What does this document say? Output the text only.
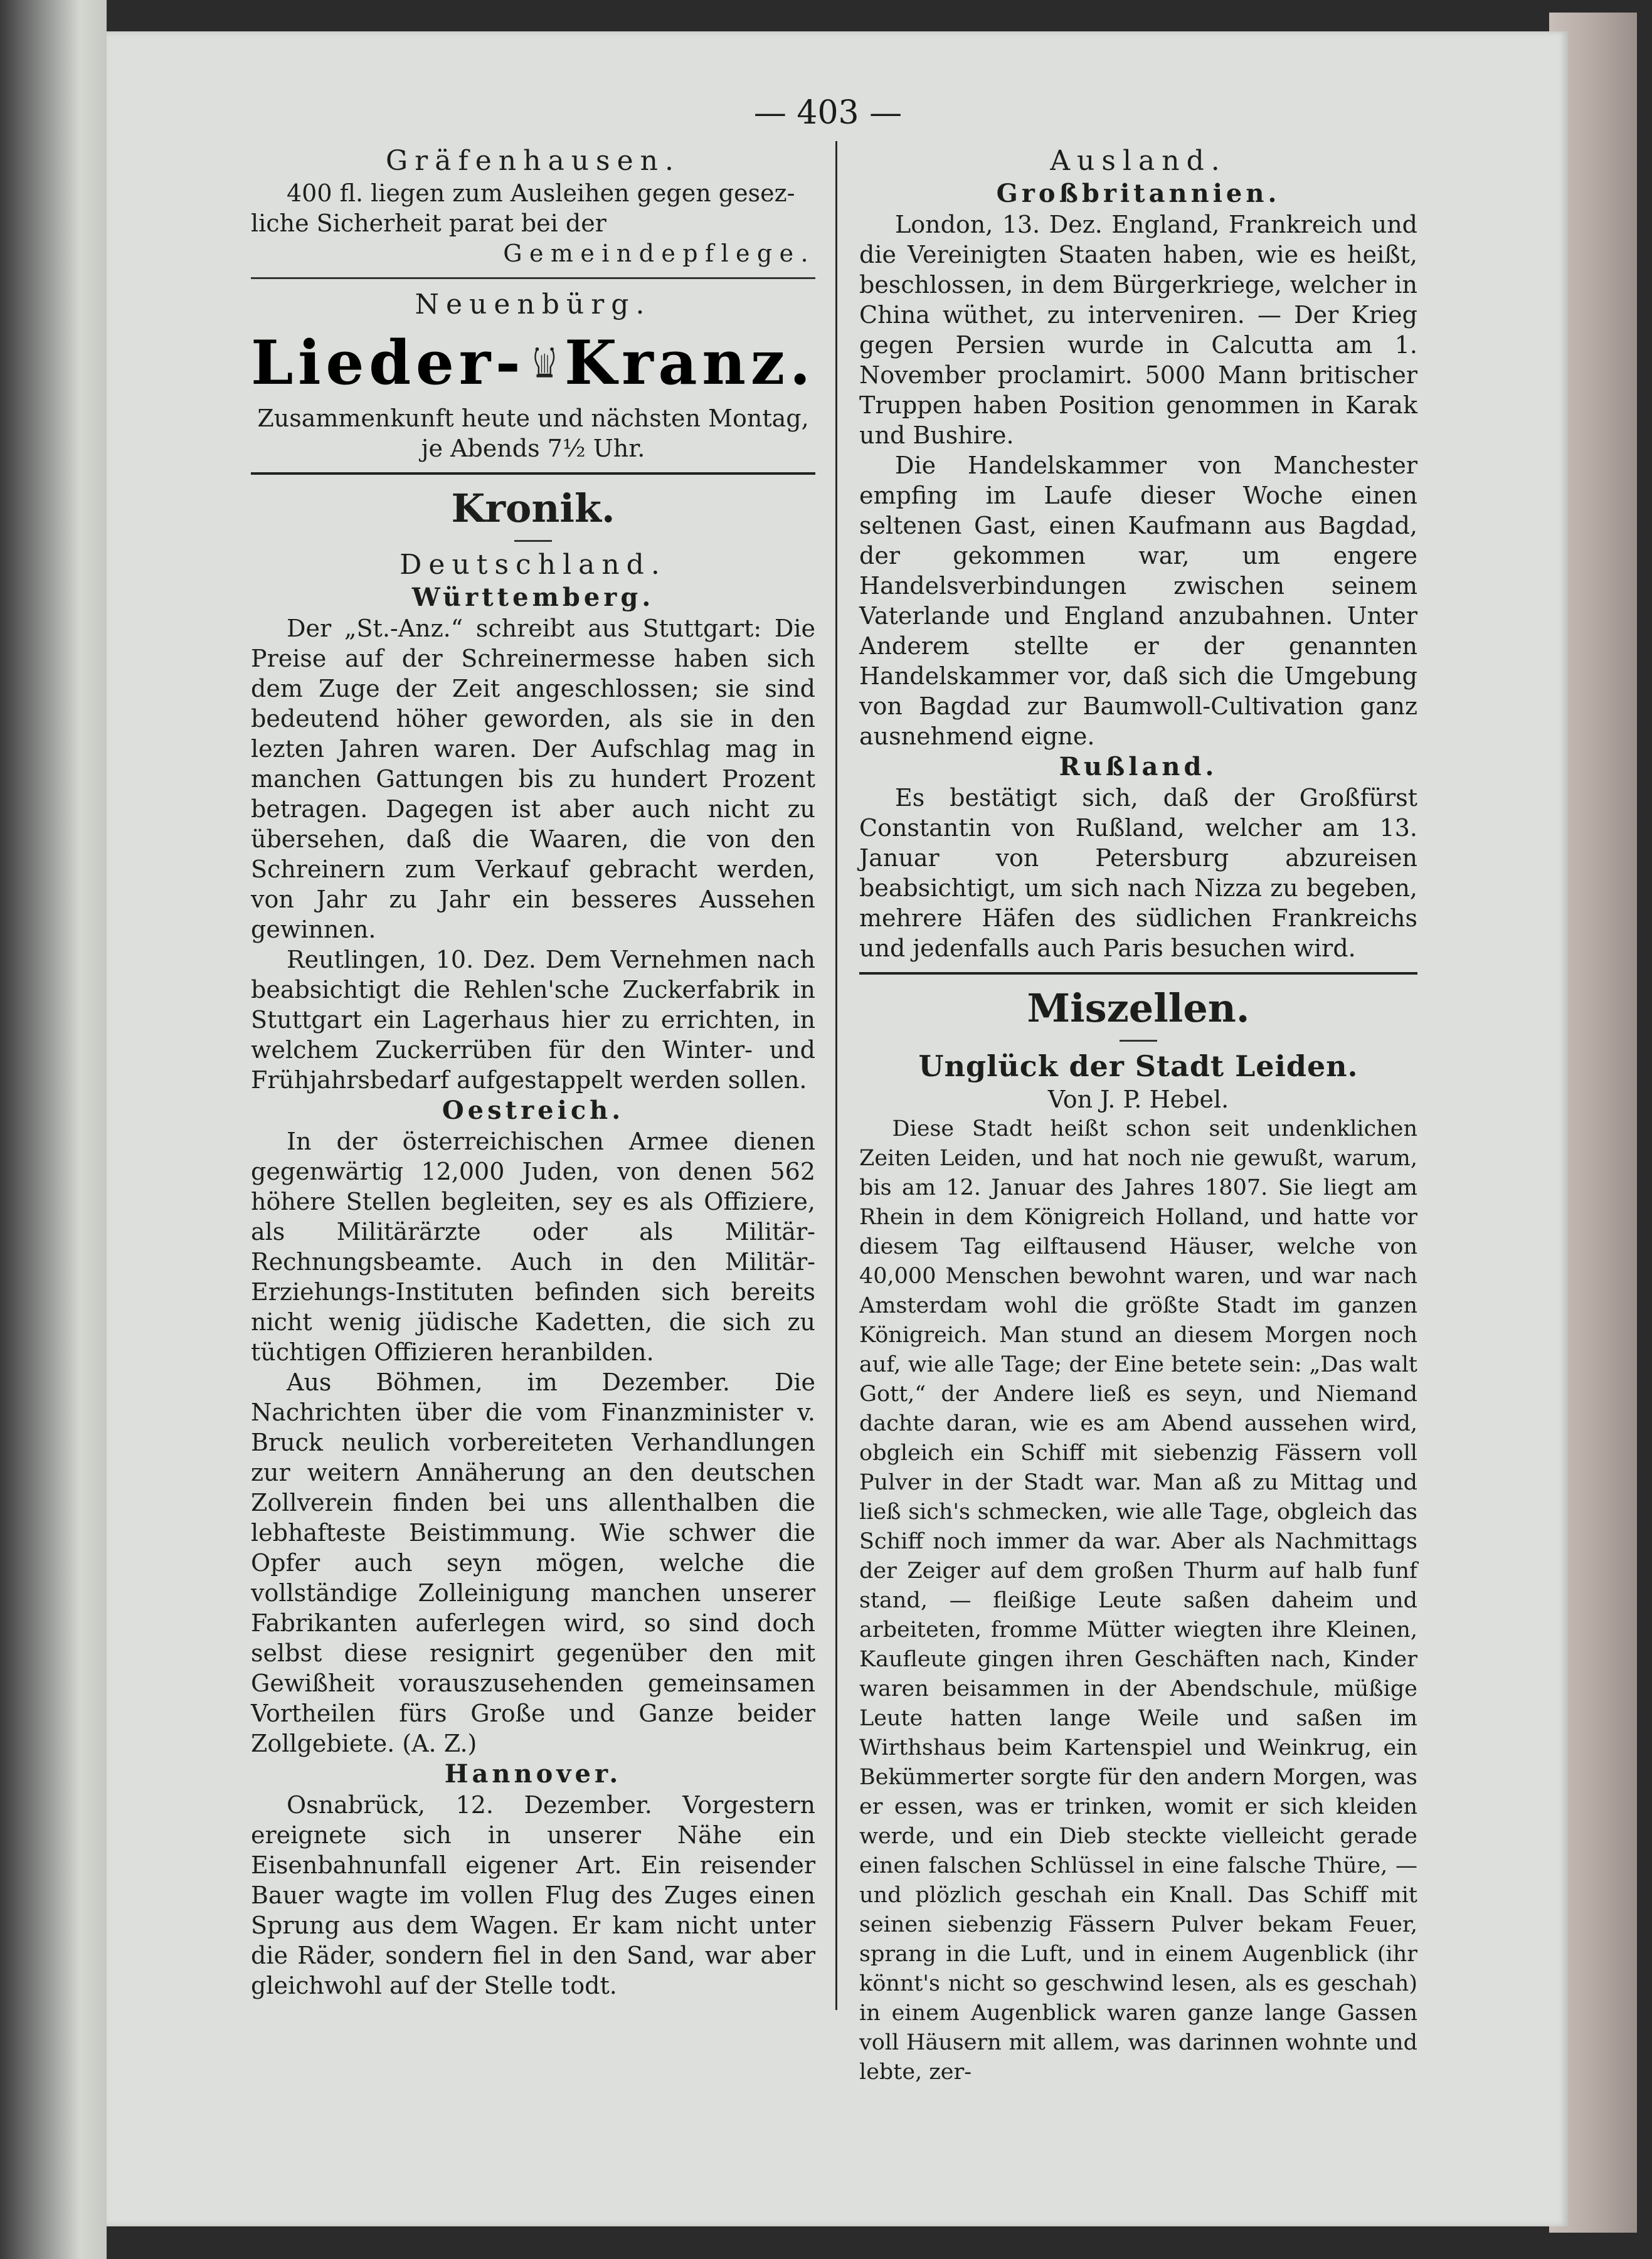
— 403 —

Gräfenhausen.

400 fl. liegen zum Ausleihen gegen gesez-

liche Sicherheit parat bei der

Gemeindepflege.

Neuenbürg.

Lieder- Kranz.

Zusammenkunft heute und nächsten Montag,

je Abends 7½ Uhr.

Kronik.

Deutschland.

Württemberg.

Der „St.-Anz.“ schreibt aus Stuttgart: Die Preise auf der Schreinermesse haben sich dem Zuge der Zeit angeschlossen; sie sind bedeutend höher geworden, als sie in den lezten Jahren waren. Der Aufschlag mag in manchen Gattungen bis zu hundert Prozent betragen. Dagegen ist aber auch nicht zu übersehen, daß die Waaren, die von den Schreinern zum Verkauf gebracht werden, von Jahr zu Jahr ein besseres Aussehen gewinnen.

Reutlingen, 10. Dez. Dem Vernehmen nach beabsichtigt die Rehlen'sche Zuckerfabrik in Stuttgart ein Lagerhaus hier zu errichten, in welchem Zuckerrüben für den Winter- und Frühjahrsbedarf aufgestappelt werden sollen.

Oestreich.

In der österreichischen Armee dienen gegenwärtig 12,000 Juden, von denen 562 höhere Stellen begleiten, sey es als Offiziere, als Militärärzte oder als Militär-Rechnungsbeamte. Auch in den Militär-Erziehungs-Instituten befinden sich bereits nicht wenig jüdische Kadetten, die sich zu tüchtigen Offizieren heranbilden.

Aus Böhmen, im Dezember. Die Nachrichten über die vom Finanzminister v. Bruck neulich vorbereiteten Verhandlungen zur weitern Annäherung an den deutschen Zollverein finden bei uns allenthalben die lebhafteste Beistimmung. Wie schwer die Opfer auch seyn mögen, welche die vollständige Zolleinigung manchen unserer Fabrikanten auferlegen wird, so sind doch selbst diese resignirt gegenüber den mit Gewißheit vorauszusehenden gemeinsamen Vortheilen fürs Große und Ganze beider Zollgebiete. (A. Z.)

Hannover.

Osnabrück, 12. Dezember. Vorgestern ereignete sich in unserer Nähe ein Eisenbahnunfall eigener Art. Ein reisender Bauer wagte im vollen Flug des Zuges einen Sprung aus dem Wagen. Er kam nicht unter die Räder, sondern fiel in den Sand, war aber gleichwohl auf der Stelle todt.

Ausland.

Großbritannien.

London, 13. Dez. England, Frankreich und die Vereinigten Staaten haben, wie es heißt, beschlossen, in dem Bürgerkriege, welcher in China wüthet, zu interveniren. — Der Krieg gegen Persien wurde in Calcutta am 1. November proclamirt. 5000 Mann britischer Truppen haben Position genommen in Karak und Bushire.

Die Handelskammer von Manchester empfing im Laufe dieser Woche einen seltenen Gast, einen Kaufmann aus Bagdad, der gekommen war, um engere Handelsverbindungen zwischen seinem Vaterlande und England anzubahnen. Unter Anderem stellte er der genannten Handelskammer vor, daß sich die Umgebung von Bagdad zur Baumwoll-Cultivation ganz ausnehmend eigne.

Rußland.

Es bestätigt sich, daß der Großfürst Constantin von Rußland, welcher am 13. Januar von Petersburg abzureisen beabsichtigt, um sich nach Nizza zu begeben, mehrere Häfen des südlichen Frankreichs und jedenfalls auch Paris besuchen wird.

Miszellen.

Unglück der Stadt Leiden.

Von J. P. Hebel.

Diese Stadt heißt schon seit undenklichen Zeiten Leiden, und hat noch nie gewußt, warum, bis am 12. Januar des Jahres 1807. Sie liegt am Rhein in dem Königreich Holland, und hatte vor diesem Tag eilftausend Häuser, welche von 40,000 Menschen bewohnt waren, und war nach Amsterdam wohl die größte Stadt im ganzen Königreich. Man stund an diesem Morgen noch auf, wie alle Tage; der Eine betete sein: „Das walt Gott,“ der Andere ließ es seyn, und Niemand dachte daran, wie es am Abend aussehen wird, obgleich ein Schiff mit siebenzig Fässern voll Pulver in der Stadt war. Man aß zu Mittag und ließ sich's schmecken, wie alle Tage, obgleich das Schiff noch immer da war. Aber als Nachmittags der Zeiger auf dem großen Thurm auf halb funf stand, — fleißige Leute saßen daheim und arbeiteten, fromme Mütter wiegten ihre Kleinen, Kaufleute gingen ihren Geschäften nach, Kinder waren beisammen in der Abendschule, müßige Leute hatten lange Weile und saßen im Wirthshaus beim Kartenspiel und Weinkrug, ein Bekümmerter sorgte für den andern Morgen, was er essen, was er trinken, womit er sich kleiden werde, und ein Dieb steckte vielleicht gerade einen falschen Schlüssel in eine falsche Thüre, — und plözlich geschah ein Knall. Das Schiff mit seinen siebenzig Fässern Pulver bekam Feuer, sprang in die Luft, und in einem Augenblick (ihr könnt's nicht so geschwind lesen, als es geschah) in einem Augenblick waren ganze lange Gassen voll Häusern mit allem, was darinnen wohnte und lebte, zer-
